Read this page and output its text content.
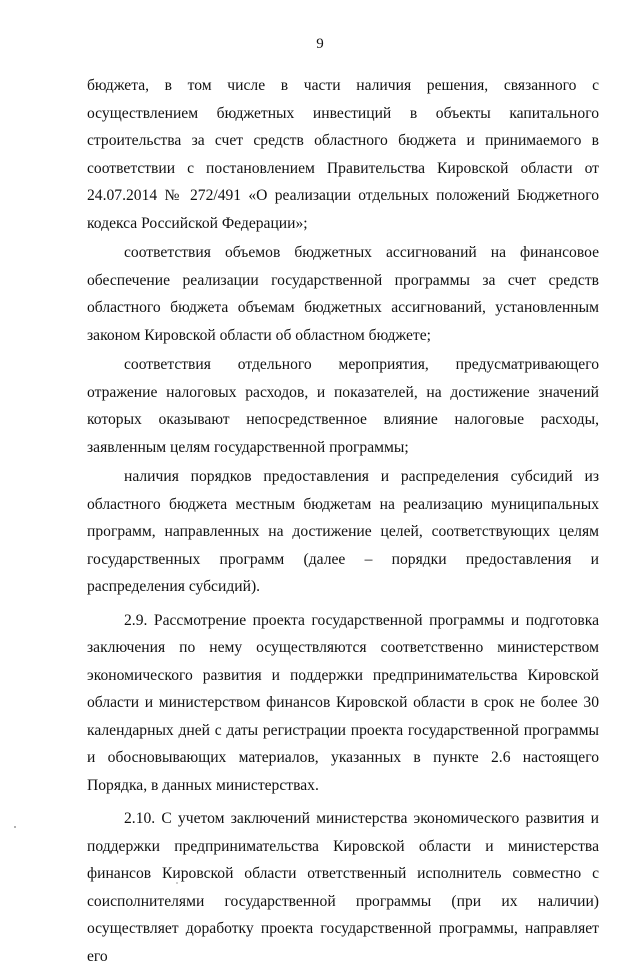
9

бюджета, в том числе в части наличия решения, связанного с осуществлением бюджетных инвестиций в объекты капитального строительства за счет средств областного бюджета и принимаемого в соответствии с постановлением Правительства Кировской области от 24.07.2014 № 272/491 «О реализации отдельных положений Бюджетного кодекса Российской Федерации»;

соответствия объемов бюджетных ассигнований на финансовое обеспечение реализации государственной программы за счет средств областного бюджета объемам бюджетных ассигнований, установленным законом Кировской области об областном бюджете;

соответствия отдельного мероприятия, предусматривающего отражение налоговых расходов, и показателей, на достижение значений которых оказывают непосредственное влияние налоговые расходы, заявленным целям государственной программы;

наличия порядков предоставления и распределения субсидий из областного бюджета местным бюджетам на реализацию муниципальных программ, направленных на достижение целей, соответствующих целям государственных программ (далее – порядки предоставления и распределения субсидий).

2.9. Рассмотрение проекта государственной программы и подготовка заключения по нему осуществляются соответственно министерством экономического развития и поддержки предпринимательства Кировской области и министерством финансов Кировской области в срок не более 30 календарных дней с даты регистрации проекта государственной программы и обосновывающих материалов, указанных в пункте 2.6 настоящего Порядка, в данных министерствах.

2.10. С учетом заключений министерства экономического развития и поддержки предпринимательства Кировской области и министерства финансов Кировской области ответственный исполнитель совместно с соисполнителями государственной программы (при их наличии) осуществляет доработку проекта государственной программы, направляет его
